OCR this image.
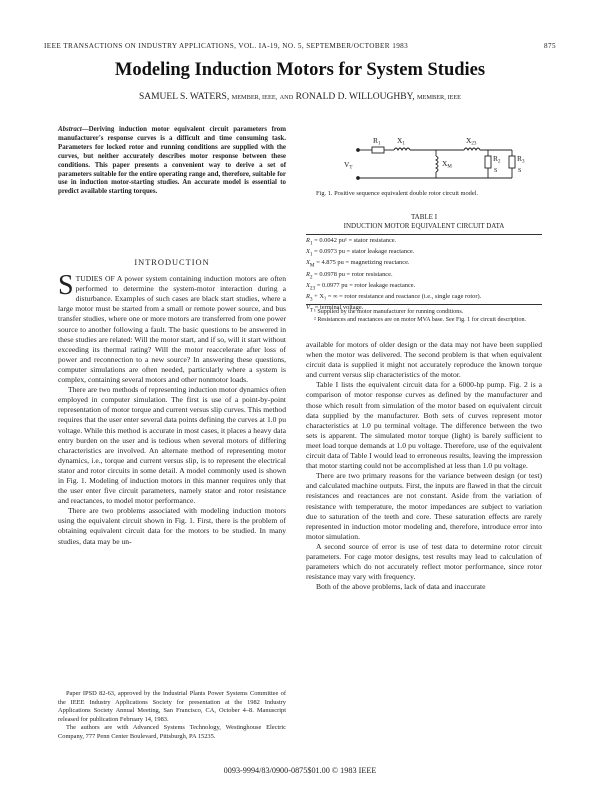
IEEE TRANSACTIONS ON INDUSTRY APPLICATIONS, VOL. IA-19, NO. 5, SEPTEMBER/OCTOBER 1983	875
Modeling Induction Motors for System Studies
SAMUEL S. WATERS, MEMBER, IEEE, AND RONALD D. WILLOUGHBY, MEMBER, IEEE
Abstract—Deriving induction motor equivalent circuit parameters from manufacturer's response curves is a difficult and time consuming task. Parameters for locked rotor and running conditions are supplied with the curves, but neither accurately describes motor response between these conditions. This paper presents a convenient way to derive a set of parameters suitable for the entire operating range and, therefore, suitable for use in induction motor-starting studies. An accurate model is essential to predict available starting torques.
INTRODUCTION

STUDIES OF A power system containing induction motors are often performed to determine the system-motor interaction during a disturbance. Examples of such cases are black start studies, where a large motor must be started from a small or remote power source, and bus transfer studies, where one or more motors are transferred from one power source to another following a fault. The basic questions to be answered in these studies are related: Will the motor start, and if so, will it start without exceeding its thermal rating? Will the motor reaccelerate after loss of power and reconnection to a new source? In answering these questions, computer simulations are often needed, particularly where a system is complex, containing several motors and other nonmotor loads.

There are two methods of representing induction motor dynamics often employed in computer simulation. The first is use of a point-by-point representation of motor torque and current versus slip curves. This method requires that the user enter several data points defining the curves at 1.0 pu voltage. While this method is accurate in most cases, it places a heavy data entry burden on the user and is tedious when several motors of differing characteristics are involved. An alternate method of representing motor dynamics, i.e., torque and current versus slip, is to represent the electrical stator and rotor circuits in some detail. A model commonly used is shown in Fig. 1. Modeling of induction motors in this manner requires only that the user enter five circuit parameters, namely stator and rotor resistance and reactances, to model motor performance.

There are two problems associated with modeling induction motors using the equivalent circuit shown in Fig. 1. First, there is the problem of obtaining equivalent circuit data for the motors to be studied. In many studies, data may be un-

Paper IPSD 82-63, approved by the Industrial Plants Power Systems Committee of the IEEE Industry Applications Society for presentation at the 1982 Industry Applications Society Annual Meeting, San Francisco, CA, October 4–8. Manuscript released for publication February 14, 1983.

The authors are with Advanced Systems Technology, Westinghouse Electric Company, 777 Penn Center Boulevard, Pittsburgh, PA 15235.

$R_1$ $X_1$	$X_{23}$
$X_M$
$R_2$
S
$R_3$
S
$V_T$
Fig. 1. Positive sequence equivalent double rotor circuit model.
TABLE I
INDUCTION MOTOR EQUIVALENT CIRCUIT DATA
$R_1 = 0.0042$ pu¹ = stator resistance.
$X_1 = 0.0973$ pu = stator leakage reactance.
$X_M = 4.875$ pu = magnetizing reactance.
$R_2 = 0.0978$ pu = rotor resistance.
$X_{23} = 0.0977$ pu = rotor leakage reactance.
$R_3 + X_3$ = ∞ = rotor resistance and reactance (i.e., single cage rotor).
$V_T$ = terminal voltage.

¹ Supplied by the motor manufacturer for running conditions.

² Resistances and reactances are on motor MVA base. See Fig. 1 for circuit description.

available for motors of older design or the data may not have been supplied when the motor was delivered. The second problem is that when equivalent circuit data is supplied it might not accurately reproduce the known torque and current versus slip characteristics of the motor.

Table I lists the equivalent circuit data for a 6000-hp pump. Fig. 2 is a comparison of motor response curves as defined by the manufacturer and those which result from simulation of the motor based on equivalent circuit data supplied by the manufacturer. Both sets of curves represent motor characteristics at 1.0 pu terminal voltage. The difference between the two sets is apparent. The simulated motor torque (light) is barely sufficient to meet load torque demands at 1.0 pu voltage. Therefore, use of the equivalent circuit data of Table I would lead to erroneous results, leaving the impression that motor starting could not be accomplished at less than 1.0 pu voltage.

There are two primary reasons for the variance between design (or test) and calculated machine outputs. First, the inputs are flawed in that the circuit resistances and reactances are not constant. Aside from the variation of resistance with temperature, the motor impedances are subject to variation due to saturation of the teeth and core. These saturation effects are rarely represented in induction motor modeling and, therefore, introduce error into motor simulation.

A second source of error is use of test data to determine rotor circuit parameters. For cage motor designs, test results may lead to calculation of parameters which do not accurately reflect motor performance, since rotor resistance may vary with frequency.

Both of the above problems, lack of data and inaccurate

0093-9994/83/0900-0875$01.00 © 1983 IEEE
